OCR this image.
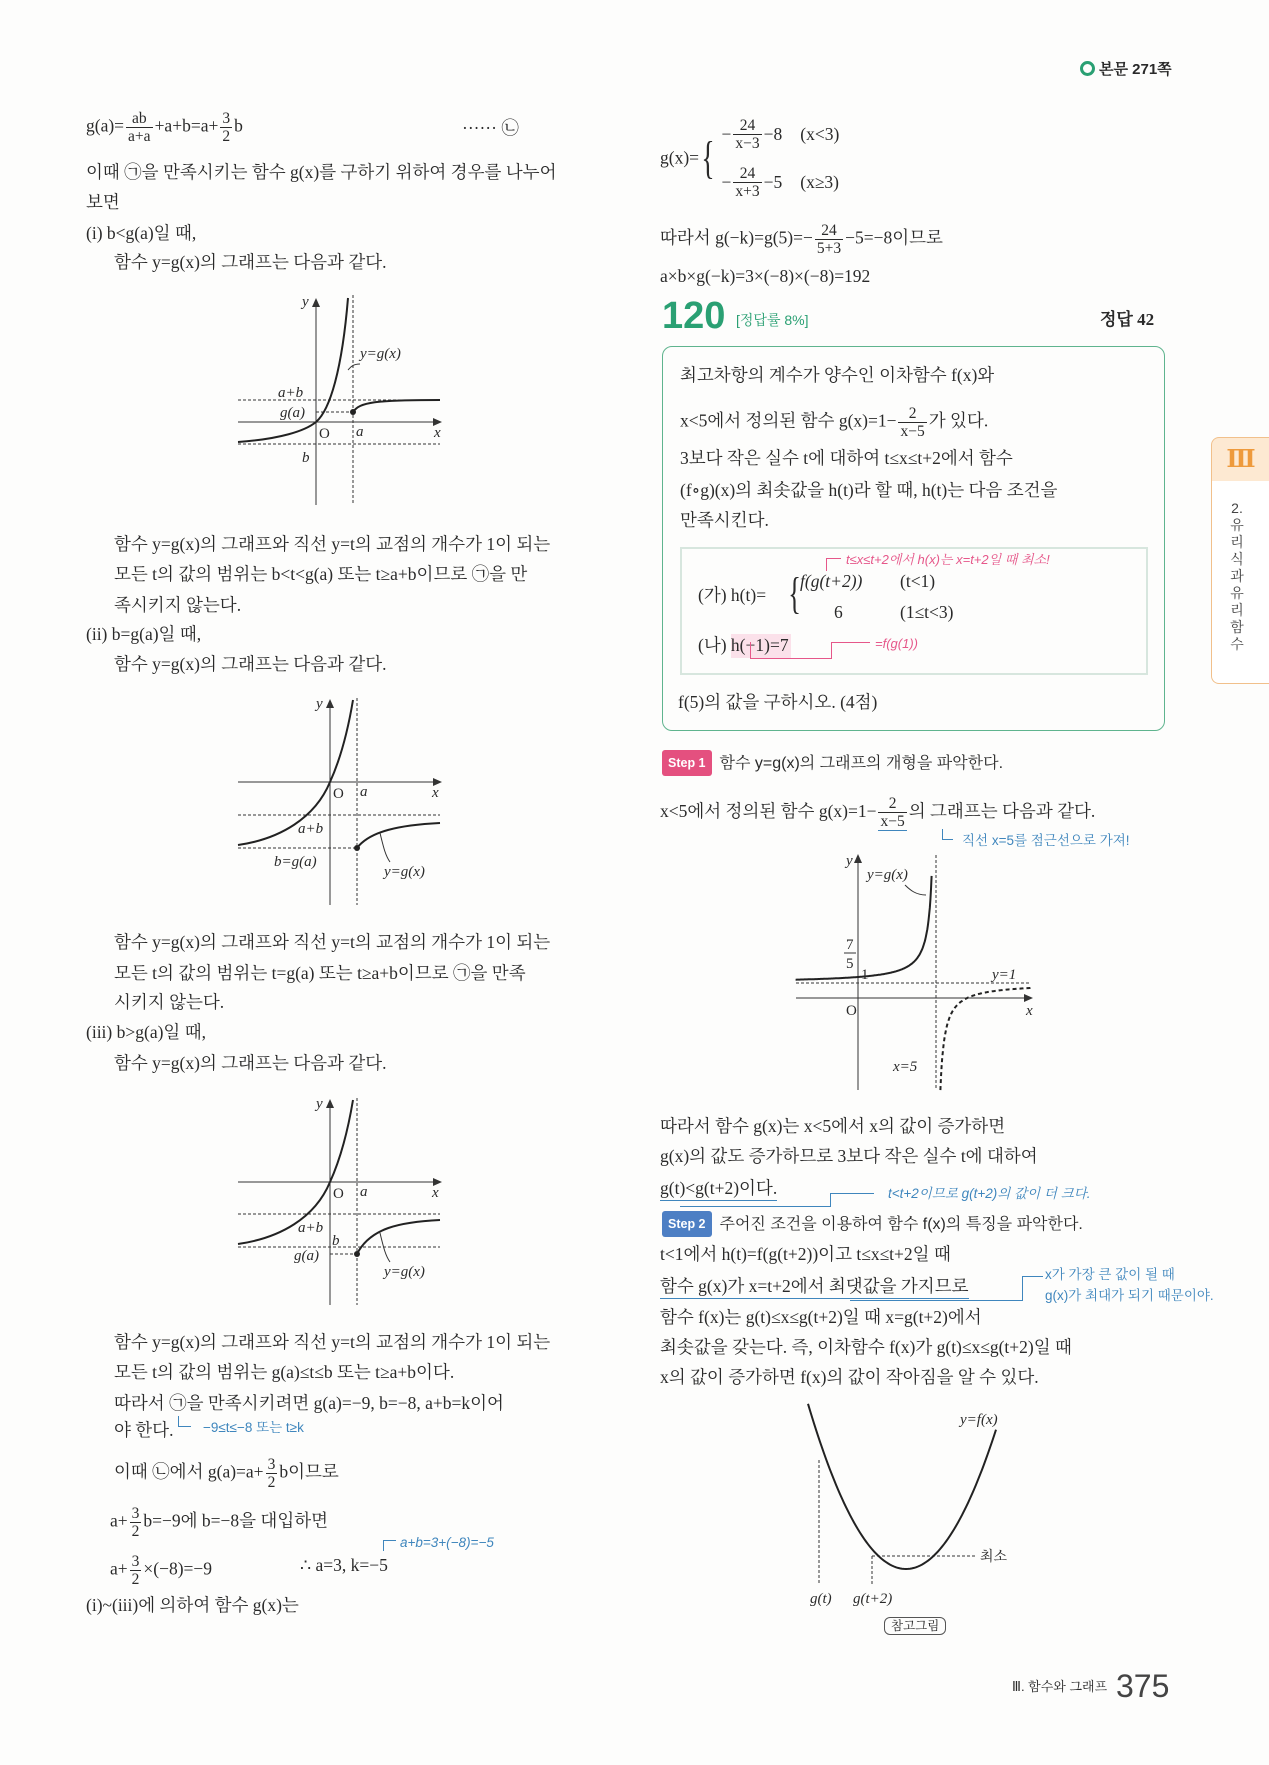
본문 271쪽
$g(a)= \frac{ab}{a+a} +a+b=a+ \frac{3}{2}$ b	······ ㉡
이때 ㉠을 만족시키는 함수 g(x)를 구하기 위하여 경우를 나누어
보면
(i) b<g(a)일 때,
함수 y=g(x)의 그래프는 다음과 같다.
y
x
O a
a+b
g(a)
b
y=g(x)
함수 y=g(x)의 그래프와 직선 y=t의 교점의 개수가 1이 되는
모든 t의 값의 범위는 b<t<g(a) 또는 t≥a+b이므로 ㉠을 만
족시키지 않는다.
(ii) b=g(a)일 때,
함수 y=g(x)의 그래프는 다음과 같다.
y
x
O a
a+b
b=g(a)
y=g(x)
함수 y=g(x)의 그래프와 직선 y=t의 교점의 개수가 1이 되는
모든 t의 값의 범위는 t=g(a) 또는 t≥a+b이므로 ㉠을 만족
시키지 않는다.
(iii) b>g(a)일 때,
함수 y=g(x)의 그래프는 다음과 같다.
y
x
O a
a+b
b
g(a)
y=g(x)
함수 y=g(x)의 그래프와 직선 y=t의 교점의 개수가 1이 되는
모든 t의 값의 범위는 g(a)≤t≤b 또는 t≥a+b이다.
따라서 ㉠을 만족시키려면 g(a)=−9, b=−8, a+b=k이어
야 한다. −9≤t≤−8 또는 t≥k
이때 ㉡에서 $g(a)=a+ \frac{3}{2}$ b이므로
$a+ \frac{3}{2} b=-9$에 b=−8을 대입하면
a+b=3+(−8)=−5
$a+ \frac{3}{2} \times(-8)=-9$	∴ a=3, k=−5
(i)~(iii)에 의하여 함수 g(x)는
$g(x)=\{ - \frac{24}{x-3} -8$ (x<3)
− $\frac{24}{x+3} -5$ (x≥3)
따라서 $g(-k)=g(5)=- \frac{24}{5+3} -5=-8$이므로
a×b×g(−k)=3×(−8)×(−8)=192
120 [정답률 8%]	정답 42
최고차항의 계수가 양수인 이차함수 f(x)와
x<5에서 정의된 함수 $g(x)=1- \frac{2}{x-5}$ 가 있다.
3보다 작은 실수 t에 대하여 t≤x≤t+2에서 함수
(f∘g)(x)의 최솟값을 h(t)라 할 때, h(t)는 다음 조건을
만족시킨다.
t≤x≤t+2에서 h(x)는 x=t+2일 때 최소!
(가) h(t)= { f(g(t+2)) (t<1)
6	(1≤t<3)
(나) h(−1)=7	=f(g(1))
f(5)의 값을 구하시오. (4점)
Step 1 함수 y=g(x)의 그래프의 개형을 파악한다.
x<5에서 정의된 함수 $g(x)=1- \frac{2}{x-5}$ 의 그래프는 다음과 같다.
직선 x=5를 점근선으로 가져!
y
x
O
y=g(x)
7
5
1	y=1
x=5
따라서 함수 g(x)는 x<5에서 x의 값이 증가하면
g(x)의 값도 증가하므로 3보다 작은 실수 t에 대하여
g(t)<g(t+2)이다.	t<t+2이므로 g(t+2)의 값이 더 크다.
Step 2 주어진 조건을 이용하여 함수 f(x)의 특징을 파악한다.
t<1에서 h(t)=f(g(t+2))이고 t≤x≤t+2일 때
함수 g(x)가 x=t+2에서 최댓값을 가지므로
x가 가장 큰 값이 될 때
g(x)가 최대가 되기 때문이야.
함수 f(x)는 g(t)≤x≤g(t+2)일 때 x=g(t+2)에서
최솟값을 갖는다. 즉, 이차함수 f(x)가 g(t)≤x≤g(t+2)일 때
x의 값이 증가하면 f(x)의 값이 작아짐을 알 수 있다.
y=f(x)
최소
g(t) g(t+2)
참고그림
Ⅲ
2.유리식과 유리함수
Ⅲ. 함수와 그래프 375
